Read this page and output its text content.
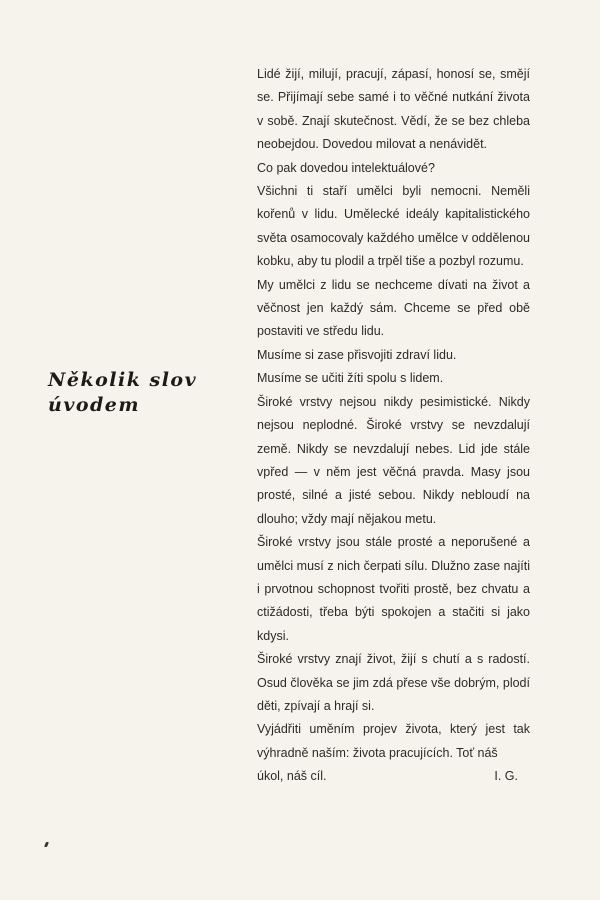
Několik slov
úvodem

Lidé žijí, milují, pracují, zápasí, honosí se, smějí se. Přijímají sebe samé i to věčné nutkání života v sobě. Znají skutečnost. Vědí, že se bez chleba neobejdou. Dovedou milovat a nenávidět.

Co pak dovedou intelektuálové?

Všichni ti staří umělci byli nemocni. Neměli kořenů v lidu. Umělecké ideály kapitalistického světa osamocovaly každého umělce v oddělenou kobku, aby tu plodil a trpěl tiše a pozbyl rozumu.

My umělci z lidu se nechceme dívati na život a věčnost jen každý sám. Chceme se před obě postaviti ve středu lidu.

Musíme si zase přisvojiti zdraví lidu.

Musíme se učiti žíti spolu s lidem.

Široké vrstvy nejsou nikdy pesimistické. Nikdy nejsou neplodné. Široké vrstvy se nevzdalují země. Nikdy se nevzdalují nebes. Lid jde stále vpřed — v něm jest věčná pravda. Masy jsou prosté, silné a jisté sebou. Nikdy nebloudí na dlouho; vždy mají nějakou metu.

Široké vrstvy jsou stále prosté a neporušené a umělci musí z nich čerpati sílu. Dlužno zase najíti i prvotnou schopnost tvořiti prostě, bez chvatu a ctižádosti, třeba býti spokojen a stačiti si jako kdysi.

Široké vrstvy znají život, žijí s chutí a s radostí. Osud člověka se jim zdá přese vše dobrým, plodí děti, zpívají a hrají si.

Vyjádřiti uměním projev života, který jest tak výhradně naším: života pracujících. Toť náš

úkol, náš cíl.	I. G.
